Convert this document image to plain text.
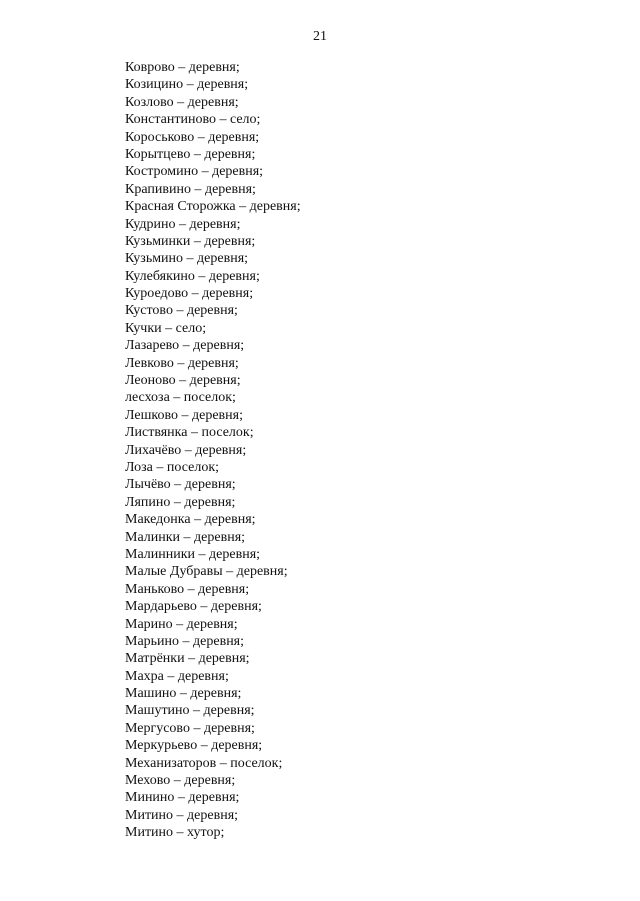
21
Коврово – деревня;
Козицино – деревня;
Козлово – деревня;
Константиново – село;
Короськово – деревня;
Корытцево – деревня;
Костромино – деревня;
Крапивино – деревня;
Красная Сторожка – деревня;
Кудрино – деревня;
Кузьминки – деревня;
Кузьмино – деревня;
Кулебякино – деревня;
Куроедово – деревня;
Кустово – деревня;
Кучки – село;
Лазарево – деревня;
Левково – деревня;
Леоново – деревня;
лесхоза – поселок;
Лешково – деревня;
Листвянка – поселок;
Лихачёво – деревня;
Лоза – поселок;
Лычёво – деревня;
Ляпино – деревня;
Македонка – деревня;
Малинки – деревня;
Малинники – деревня;
Малые Дубравы – деревня;
Маньково – деревня;
Мардарьево – деревня;
Марино – деревня;
Марьино – деревня;
Матрёнки – деревня;
Махра – деревня;
Машино – деревня;
Машутино – деревня;
Мергусово – деревня;
Меркурьево – деревня;
Механизаторов – поселок;
Мехово – деревня;
Минино – деревня;
Митино – деревня;
Митино – хутор;
